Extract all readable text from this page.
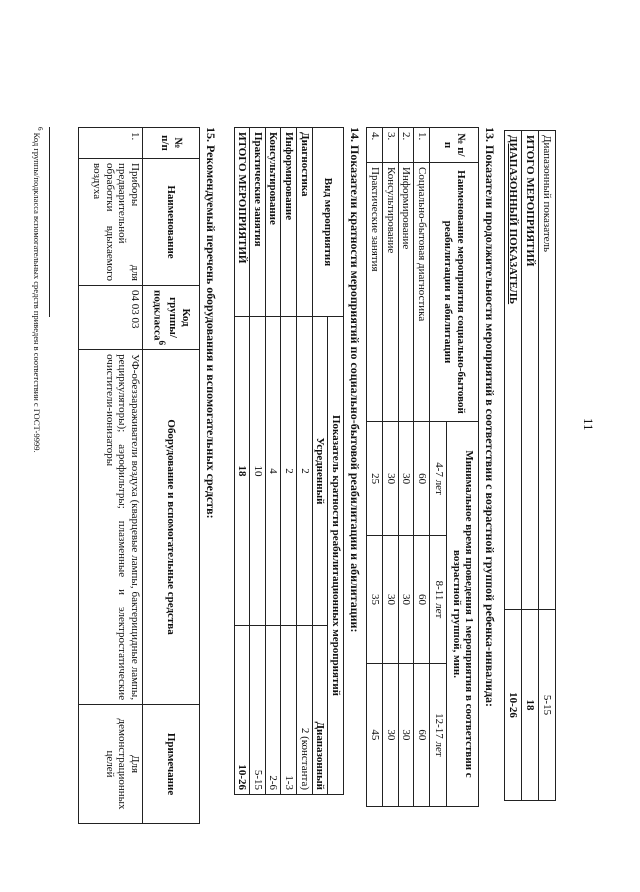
11
Диапазонный показатель	5-15
ИТОГО МЕРОПРИЯТИЙ	18
ДИАПАЗОННЫЙ ПОКАЗАТЕЛЬ	10-26
13. Показатели продолжительности мероприятий в соответствии с возрастной группой ребенка-инвалида:
№ п/п	Наименование мероприятия социально-бытовой реабилитации и абилитации	Минимальное время проведения 1 мероприятия в соответствии с возрастной группой, мин.		
		4-7 лет	8-11 лет	12-17 лет
1.	Социально-бытовая диагностика	60	60	60
2.	Информирование	30	30	30
3.	Консультирование	30	30	30
4.	Практические занятия	25	35	45
14. Показатели кратности мероприятий по социально-бытовой реабилитации и абилитации:
Вид мероприятия	Показатель кратности реабилитационных мероприятий	
	Усредненный	Диапазонный
Диагностика	2	2 (константа)
Информирование	2	1-3
Консультирование	4	2-6
Практические занятия	10	5-15
ИТОГО МЕРОПРИЯТИЙ	18	10-26
15. Рекомендуемый перечень оборудования и вспомогательных средств:
№ п/п	Наименование	Код группы/подкласса$^6$	Оборудование и вспомогательные средства	Примечание
1.	Приборы для предварительной обработки вдыхаемого воздуха	04 03 03	УФ-обеззараживатели воздуха (кварцевые лампы, бактерицидные лампы, рециркуляторы); аэрофильтры; плазменные и электростатические очистители-ионизаторы	Для демонстрационных целей
$^6$ Код группы/подкласса вспомогательных средств приведен в соответствии с ГОСТ-9999.
